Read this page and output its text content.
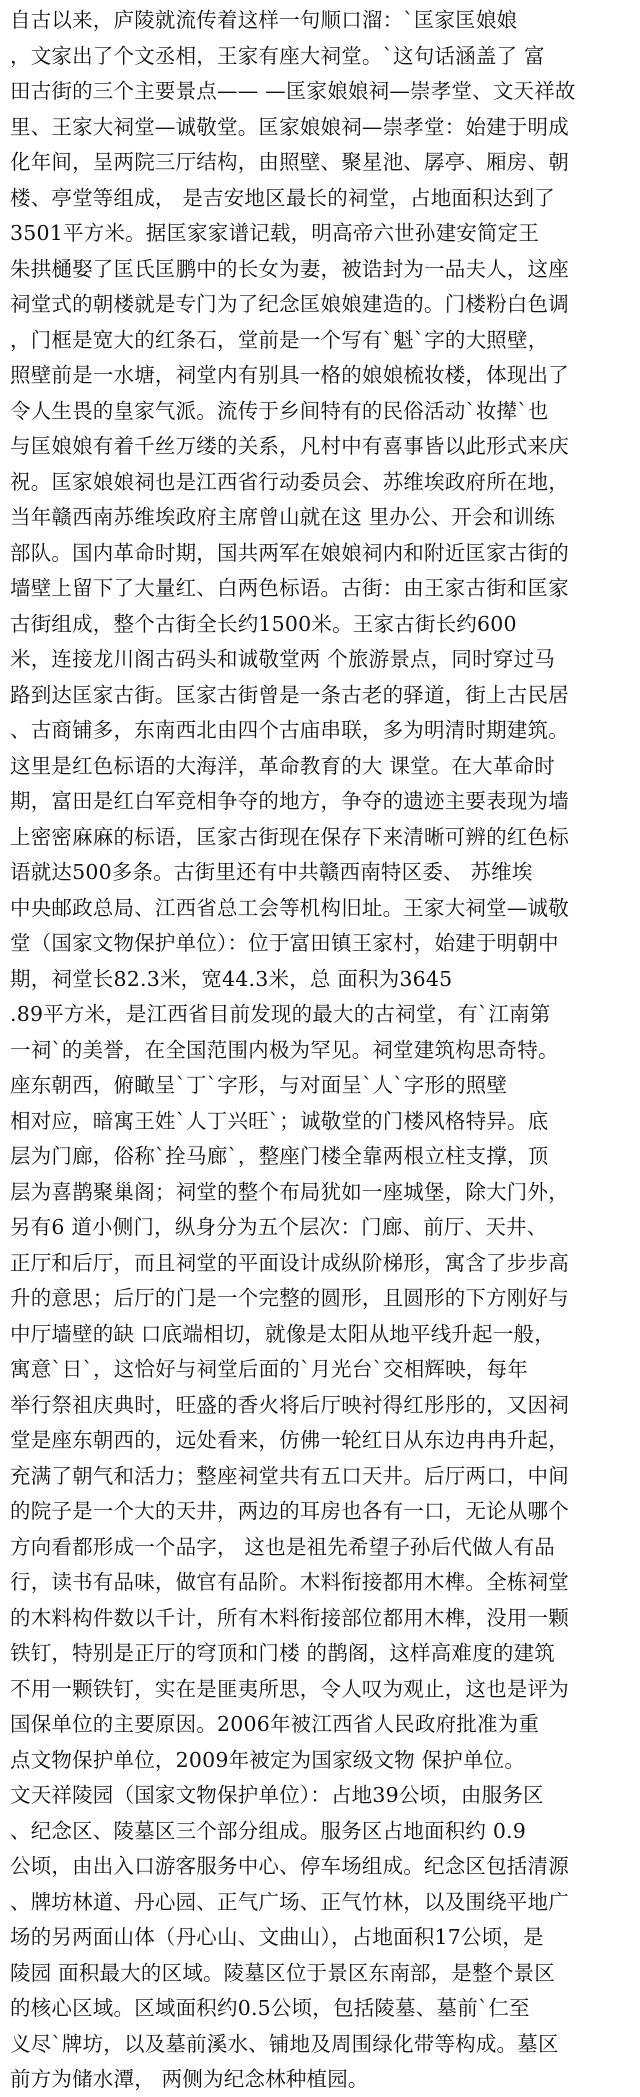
自古以来，庐陵就流传着这样一句顺口溜：`匡家匡娘娘
，文家出了个文丞相，王家有座大祠堂。`这句话涵盖了 富
田古街的三个主要景点—— —匡家娘娘祠—崇孝堂、文天祥故
里、王家大祠堂—诚敬堂。匡家娘娘祠—崇孝堂：始建于明成
化年间，呈两院三厅结构，由照壁、聚星池、孱亭、厢房、朝
楼、亭堂等组成， 是吉安地区最长的祠堂，占地面积达到了
3501平方米。据匡家家谱记载，明高帝六世孙建安简定王
朱拱樋娶了匡氏匡鹏中的长女为妻，被诰封为一品夫人，这座
祠堂式的朝楼就是专门为了纪念匡娘娘建造的。门楼粉白色调
，门框是宽大的红条石，堂前是一个写有`魁`字的大照壁，
照壁前是一水塘，祠堂内有别具一格的娘娘梳妆楼，体现出了
令人生畏的皇家气派。流传于乡间特有的民俗活动`妆撵`也
与匡娘娘有着千丝万缕的关系，凡村中有喜事皆以此形式来庆
祝。匡家娘娘祠也是江西省行动委员会、苏维埃政府所在地，
当年赣西南苏维埃政府主席曾山就在这 里办公、开会和训练
部队。国内革命时期，国共两军在娘娘祠内和附近匡家古街的
墙壁上留下了大量红、白两色标语。古街：由王家古街和匡家
古街组成，整个古街全长约1500米。王家古街长约600
米，连接龙川阁古码头和诚敬堂两 个旅游景点，同时穿过马
路到达匡家古街。匡家古街曾是一条古老的驿道，街上古民居
、古商铺多，东南西北由四个古庙串联，多为明清时期建筑。
这里是红色标语的大海洋，革命教育的大 课堂。在大革命时
期，富田是红白军竞相争夺的地方，争夺的遗迹主要表现为墙
上密密麻麻的标语，匡家古街现在保存下来清晰可辨的红色标
语就达500多条。古街里还有中共赣西南特区委、 苏维埃
中央邮政总局、江西省总工会等机构旧址。王家大祠堂—诚敬
堂（国家文物保护单位）：位于富田镇王家村，始建于明朝中
期，祠堂长82.3米，宽44.3米，总 面积为3645
.89平方米，是江西省目前发现的最大的古祠堂，有`江南第
一祠`的美誉，在全国范围内极为罕见。祠堂建筑构思奇特。
座东朝西，俯瞰呈`丁`字形，与对面呈`人`字形的照壁
相对应，暗寓王姓`人丁兴旺`；诚敬堂的门楼风格特异。底
层为门廊，俗称`拴马廊`，整座门楼全靠两根立柱支撑，顶
层为喜鹊聚巢阁；祠堂的整个布局犹如一座城堡，除大门外，
另有6 道小侧门，纵身分为五个层次：门廊、前厅、天井、
正厅和后厅，而且祠堂的平面设计成纵阶梯形，寓含了步步高
升的意思；后厅的门是一个完整的圆形，且圆形的下方刚好与
中厅墙壁的缺 口底端相切，就像是太阳从地平线升起一般，
寓意`日`，这恰好与祠堂后面的`月光台`交相辉映，每年
举行祭祖庆典时，旺盛的香火将后厅映衬得红彤彤的，又因祠
堂是座东朝西的，远处看来，仿佛一轮红日从东边冉冉升起，
充满了朝气和活力；整座祠堂共有五口天井。后厅两口，中间
的院子是一个大的天井，两边的耳房也各有一口，无论从哪个
方向看都形成一个品字， 这也是祖先希望子孙后代做人有品
行，读书有品味，做官有品阶。木料衔接都用木榫。全栋祠堂
的木料构件数以千计，所有木料衔接部位都用木榫，没用一颗
铁钉，特别是正厅的穹顶和门楼 的鹊阁，这样高难度的建筑
不用一颗铁钉，实在是匪夷所思，令人叹为观止，这也是评为
国保单位的主要原因。2006年被江西省人民政府批准为重
点文物保护单位，2009年被定为国家级文物 保护单位。
文天祥陵园（国家文物保护单位）：占地39公顷，由服务区
、纪念区、陵墓区三个部分组成。服务区占地面积约 0.9
公顷，由出入口游客服务中心、停车场组成。纪念区包括清源
、牌坊林道、丹心园、正气广场、正气竹林，以及围绕平地广
场的另两面山体（丹心山、文曲山），占地面积17公顷，是
陵园 面积最大的区域。陵墓区位于景区东南部，是整个景区
的核心区域。区域面积约0.5公顷，包括陵墓、墓前`仁至
义尽`牌坊，以及墓前溪水、铺地及周围绿化带等构成。墓区
前方为储水潭， 两侧为纪念林种植园。
